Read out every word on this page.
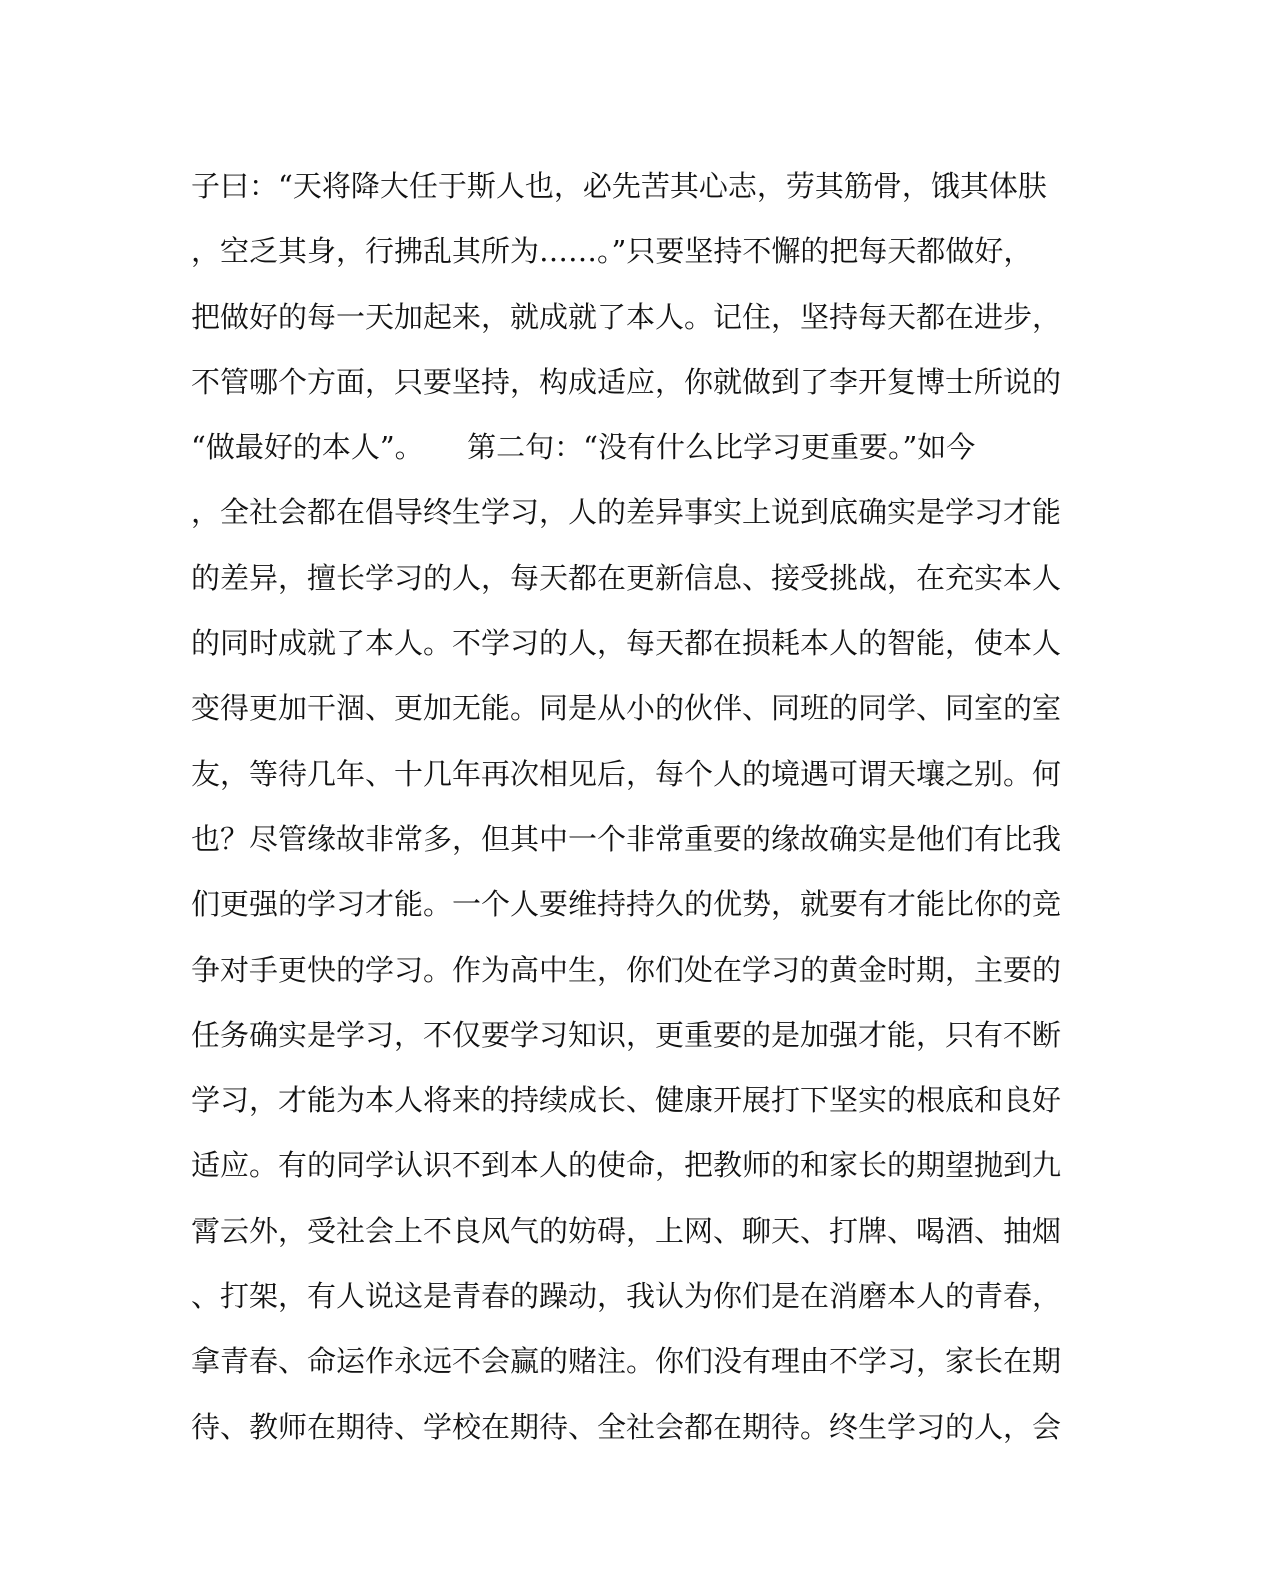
子曰：“天将降大任于斯人也，必先苦其心志，劳其筋骨，饿其体肤
，空乏其身，行拂乱其所为……。”只要坚持不懈的把每天都做好，
把做好的每一天加起来，就成就了本人。记住，坚持每天都在进步，
不管哪个方面，只要坚持，构成适应，你就做到了李开复博士所说的
“做最好的本人”。　　第二句：“没有什么比学习更重要。”如今
，全社会都在倡导终生学习，人的差异事实上说到底确实是学习才能
的差异，擅长学习的人，每天都在更新信息、接受挑战，在充实本人
的同时成就了本人。不学习的人，每天都在损耗本人的智能，使本人
变得更加干涸、更加无能。同是从小的伙伴、同班的同学、同室的室
友，等待几年、十几年再次相见后，每个人的境遇可谓天壤之别。何
也？尽管缘故非常多，但其中一个非常重要的缘故确实是他们有比我
们更强的学习才能。一个人要维持持久的优势，就要有才能比你的竞
争对手更快的学习。作为高中生，你们处在学习的黄金时期，主要的
任务确实是学习，不仅要学习知识，更重要的是加强才能，只有不断
学习，才能为本人将来的持续成长、健康开展打下坚实的根底和良好
适应。有的同学认识不到本人的使命，把教师的和家长的期望抛到九
霄云外，受社会上不良风气的妨碍，上网、聊天、打牌、喝酒、抽烟
、打架，有人说这是青春的躁动，我认为你们是在消磨本人的青春，
拿青春、命运作永远不会赢的赌注。你们没有理由不学习，家长在期
待、教师在期待、学校在期待、全社会都在期待。终生学习的人，会
